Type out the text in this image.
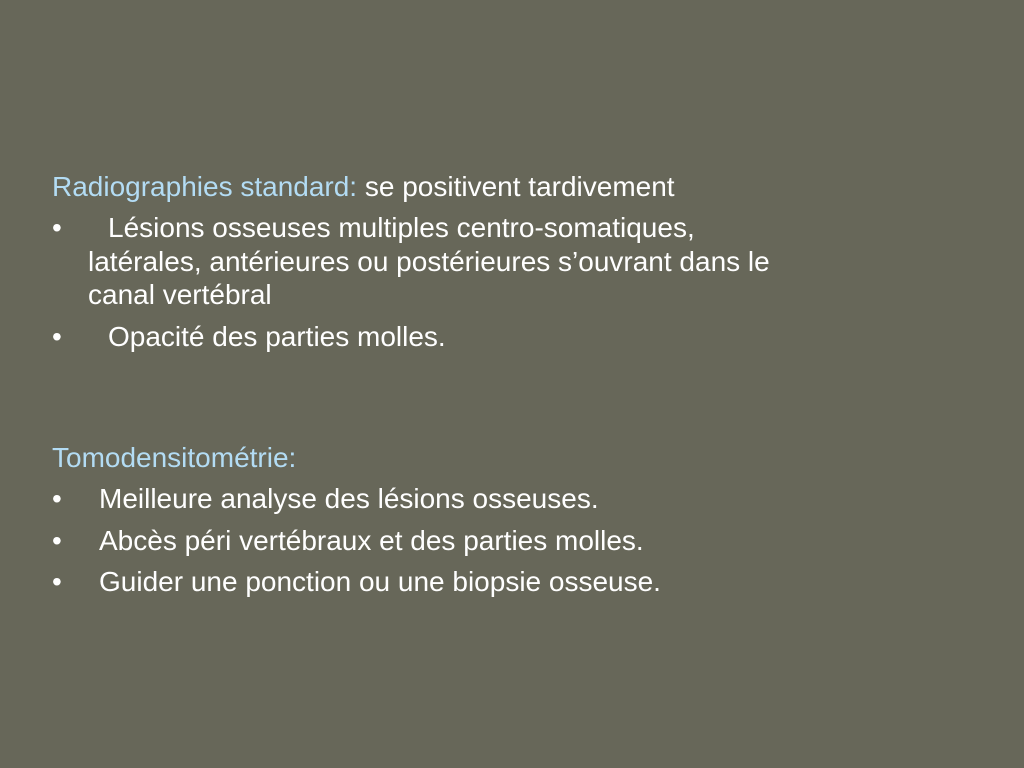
Radiographies standard: se positivent tardivement
• Lésions osseuses multiples centro-somatiques,
latérales, antérieures ou postérieures s’ouvrant dans le
canal vertébral
• Opacité des parties molles.
Tomodensitométrie:
• Meilleure analyse des lésions osseuses.
• Abcès péri vertébraux et des parties molles.
• Guider une ponction ou une biopsie osseuse.
